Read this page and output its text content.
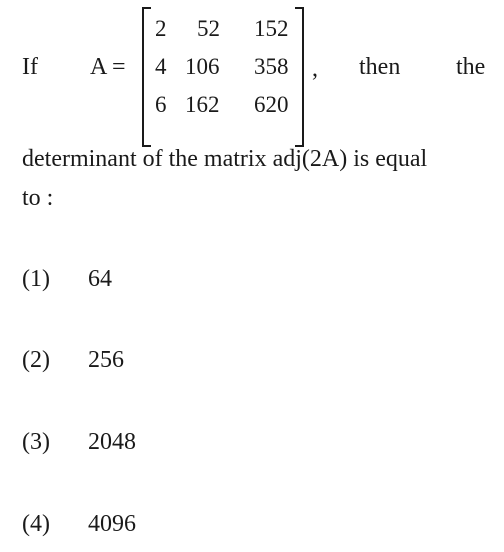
If A =
2 52 152
4 106 358
6 162 620
, then the
determinant of the matrix adj(2A) is equal
to :
(1) 64
(2) 256
(3) 2048
(4) 4096
